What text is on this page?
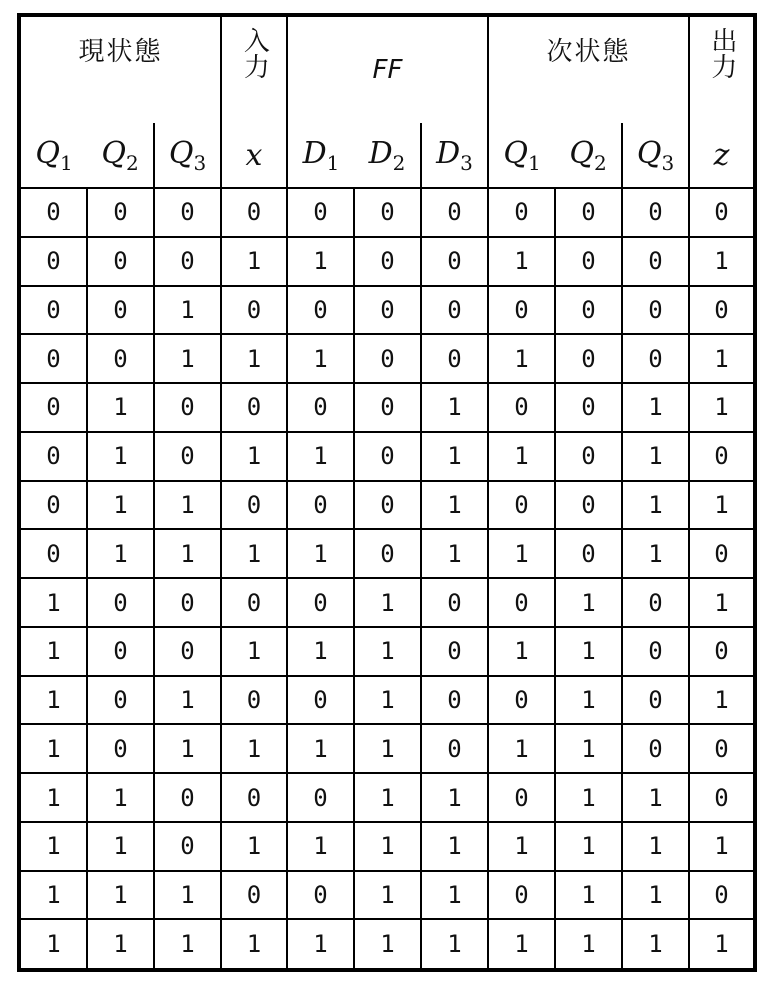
現状態			入力	FF			次状態			出力
$Q_1$	$Q_2$	$Q_3$	x	$D_1$	$D_2$	$D_3$	$Q_1$	$Q_2$	$Q_3$	z
0	0	0	0	0	0	0	0	0	0	0
0	0	0	1	1	0	0	1	0	0	1
0	0	1	0	0	0	0	0	0	0	0
0	0	1	1	1	0	0	1	0	0	1
0	1	0	0	0	0	1	0	0	1	1
0	1	0	1	1	0	1	1	0	1	0
0	1	1	0	0	0	1	0	0	1	1
0	1	1	1	1	0	1	1	0	1	0
1	0	0	0	0	1	0	0	1	0	1
1	0	0	1	1	1	0	1	1	0	0
1	0	1	0	0	1	0	0	1	0	1
1	0	1	1	1	1	0	1	1	0	0
1	1	0	0	0	1	1	0	1	1	0
1	1	0	1	1	1	1	1	1	1	1
1	1	1	0	0	1	1	0	1	1	0
1	1	1	1	1	1	1	1	1	1	1
